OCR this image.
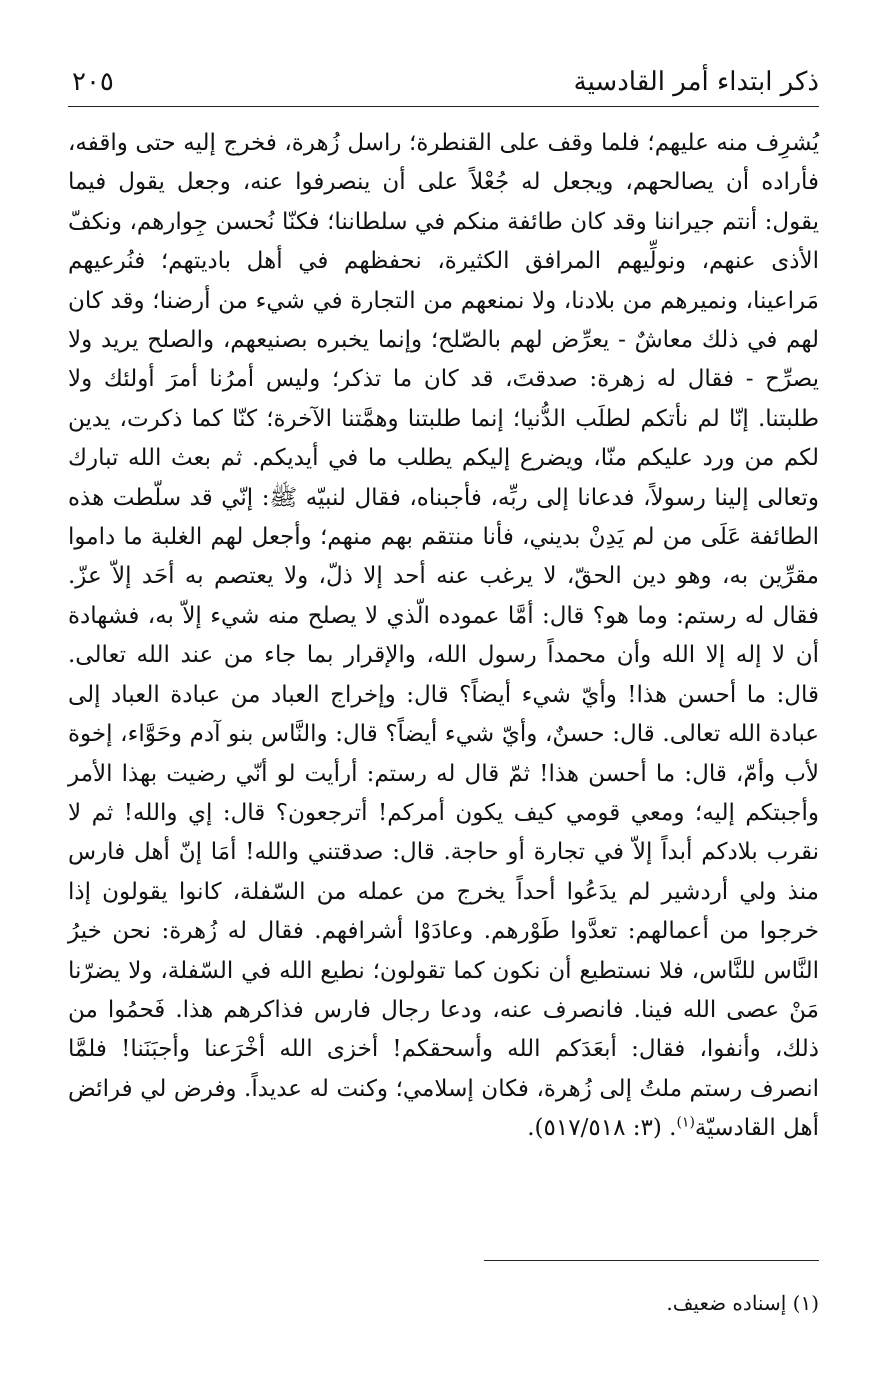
ذكر ابتداء أمر القادسية
٢٠٥

يُشرِف منه عليهم؛ فلما وقف على القنطرة؛ راسل زُهرة، فخرج إليه حتى واقفه، فأراده أن يصالحهم، ويجعل له جُعْلاً على أن ينصرفوا عنه، وجعل يقول فيما يقول: أنتم جيراننا وقد كان طائفة منكم في سلطاننا؛ فكنّا نُحسن جِوارهم، ونكفّ الأذى عنهم، ونولِّيهم المرافق الكثيرة، نحفظهم في أهل باديتهم؛ فنُرعيهم مَراعينا، ونميرهم من بلادنا، ولا نمنعهم من التجارة في شيء من أرضنا؛ وقد كان لهم في ذلك معاشٌ - يعرِّض لهم بالصّلح؛ وإنما يخبره بصنيعهم، والصلح يريد ولا يصرِّح - فقال له زهرة: صدقتَ، قد كان ما تذكر؛ وليس أمرُنا أمرَ أولئك ولا طلبتنا. إنّا لم نأتكم لطلَب الدُّنيا؛ إنما طلبتنا وهمَّتنا الآخرة؛ كنّا كما ذكرت، يدين لكم من ورد عليكم منّا، ويضرع إليكم يطلب ما في أيديكم. ثم بعث الله تبارك وتعالى إلينا رسولاً، فدعانا إلى ربِّه، فأجبناه، فقال لنبيّه ﷺ: إنّي قد سلّطت هذه الطائفة عَلَى من لم يَدِنْ بديني، فأنا منتقم بهم منهم؛ وأجعل لهم الغلبة ما داموا مقرِّين به، وهو دين الحقّ، لا يرغب عنه أحد إلا ذلّ، ولا يعتصم به أحَد إلاّ عزّ. فقال له رستم: وما هو؟ قال: أمَّا عموده الّذي لا يصلح منه شيء إلاّ به، فشهادة أن لا إله إلا الله وأن محمداً رسول الله، والإقرار بما جاء من عند الله تعالى. قال: ما أحسن هذا! وأيّ شيء أيضاً؟ قال: وإخراج العباد من عبادة العباد إلى عبادة الله تعالى. قال: حسنٌ، وأيّ شيء أيضاً؟ قال: والنَّاس بنو آدم وحَوَّاء، إخوة لأب وأمّ، قال: ما أحسن هذا! ثمّ قال له رستم: أرأيت لو أنّي رضيت بهذا الأمر وأجبتكم إليه؛ ومعي قومي كيف يكون أمركم! أترجعون؟ قال: إي والله! ثم لا نقرب بلادكم أبداً إلاّ في تجارة أو حاجة. قال: صدقتني والله! أمَا إنّ أهل فارس منذ ولي أردشير لم يدَعُوا أحداً يخرج من عمله من السّفلة، كانوا يقولون إذا خرجوا من أعمالهم: تعدَّوا طَوْرهم. وعادَوْا أشرافهم. فقال له زُهرة: نحن خيرُ النَّاس للنَّاس، فلا نستطيع أن نكون كما تقولون؛ نطيع الله في السّفلة، ولا يضرّنا مَنْ عصى الله فينا. فانصرف عنه، ودعا رجال فارس فذاكرهم هذا. فَحمُوا من ذلك، وأنفوا، فقال: أبعَدَكم الله وأسحقكم! أخزى الله أخْرَعنا وأجبَنَنا! فلمَّا انصرف رستم ملتُ إلى زُهرة، فكان إسلامي؛ وكنت له عديداً. وفرض لي فرائض أهل القادسيّة$^{(١)}$. (٣: ٥١٧/٥١٨).

(١) إسناده ضعيف.
